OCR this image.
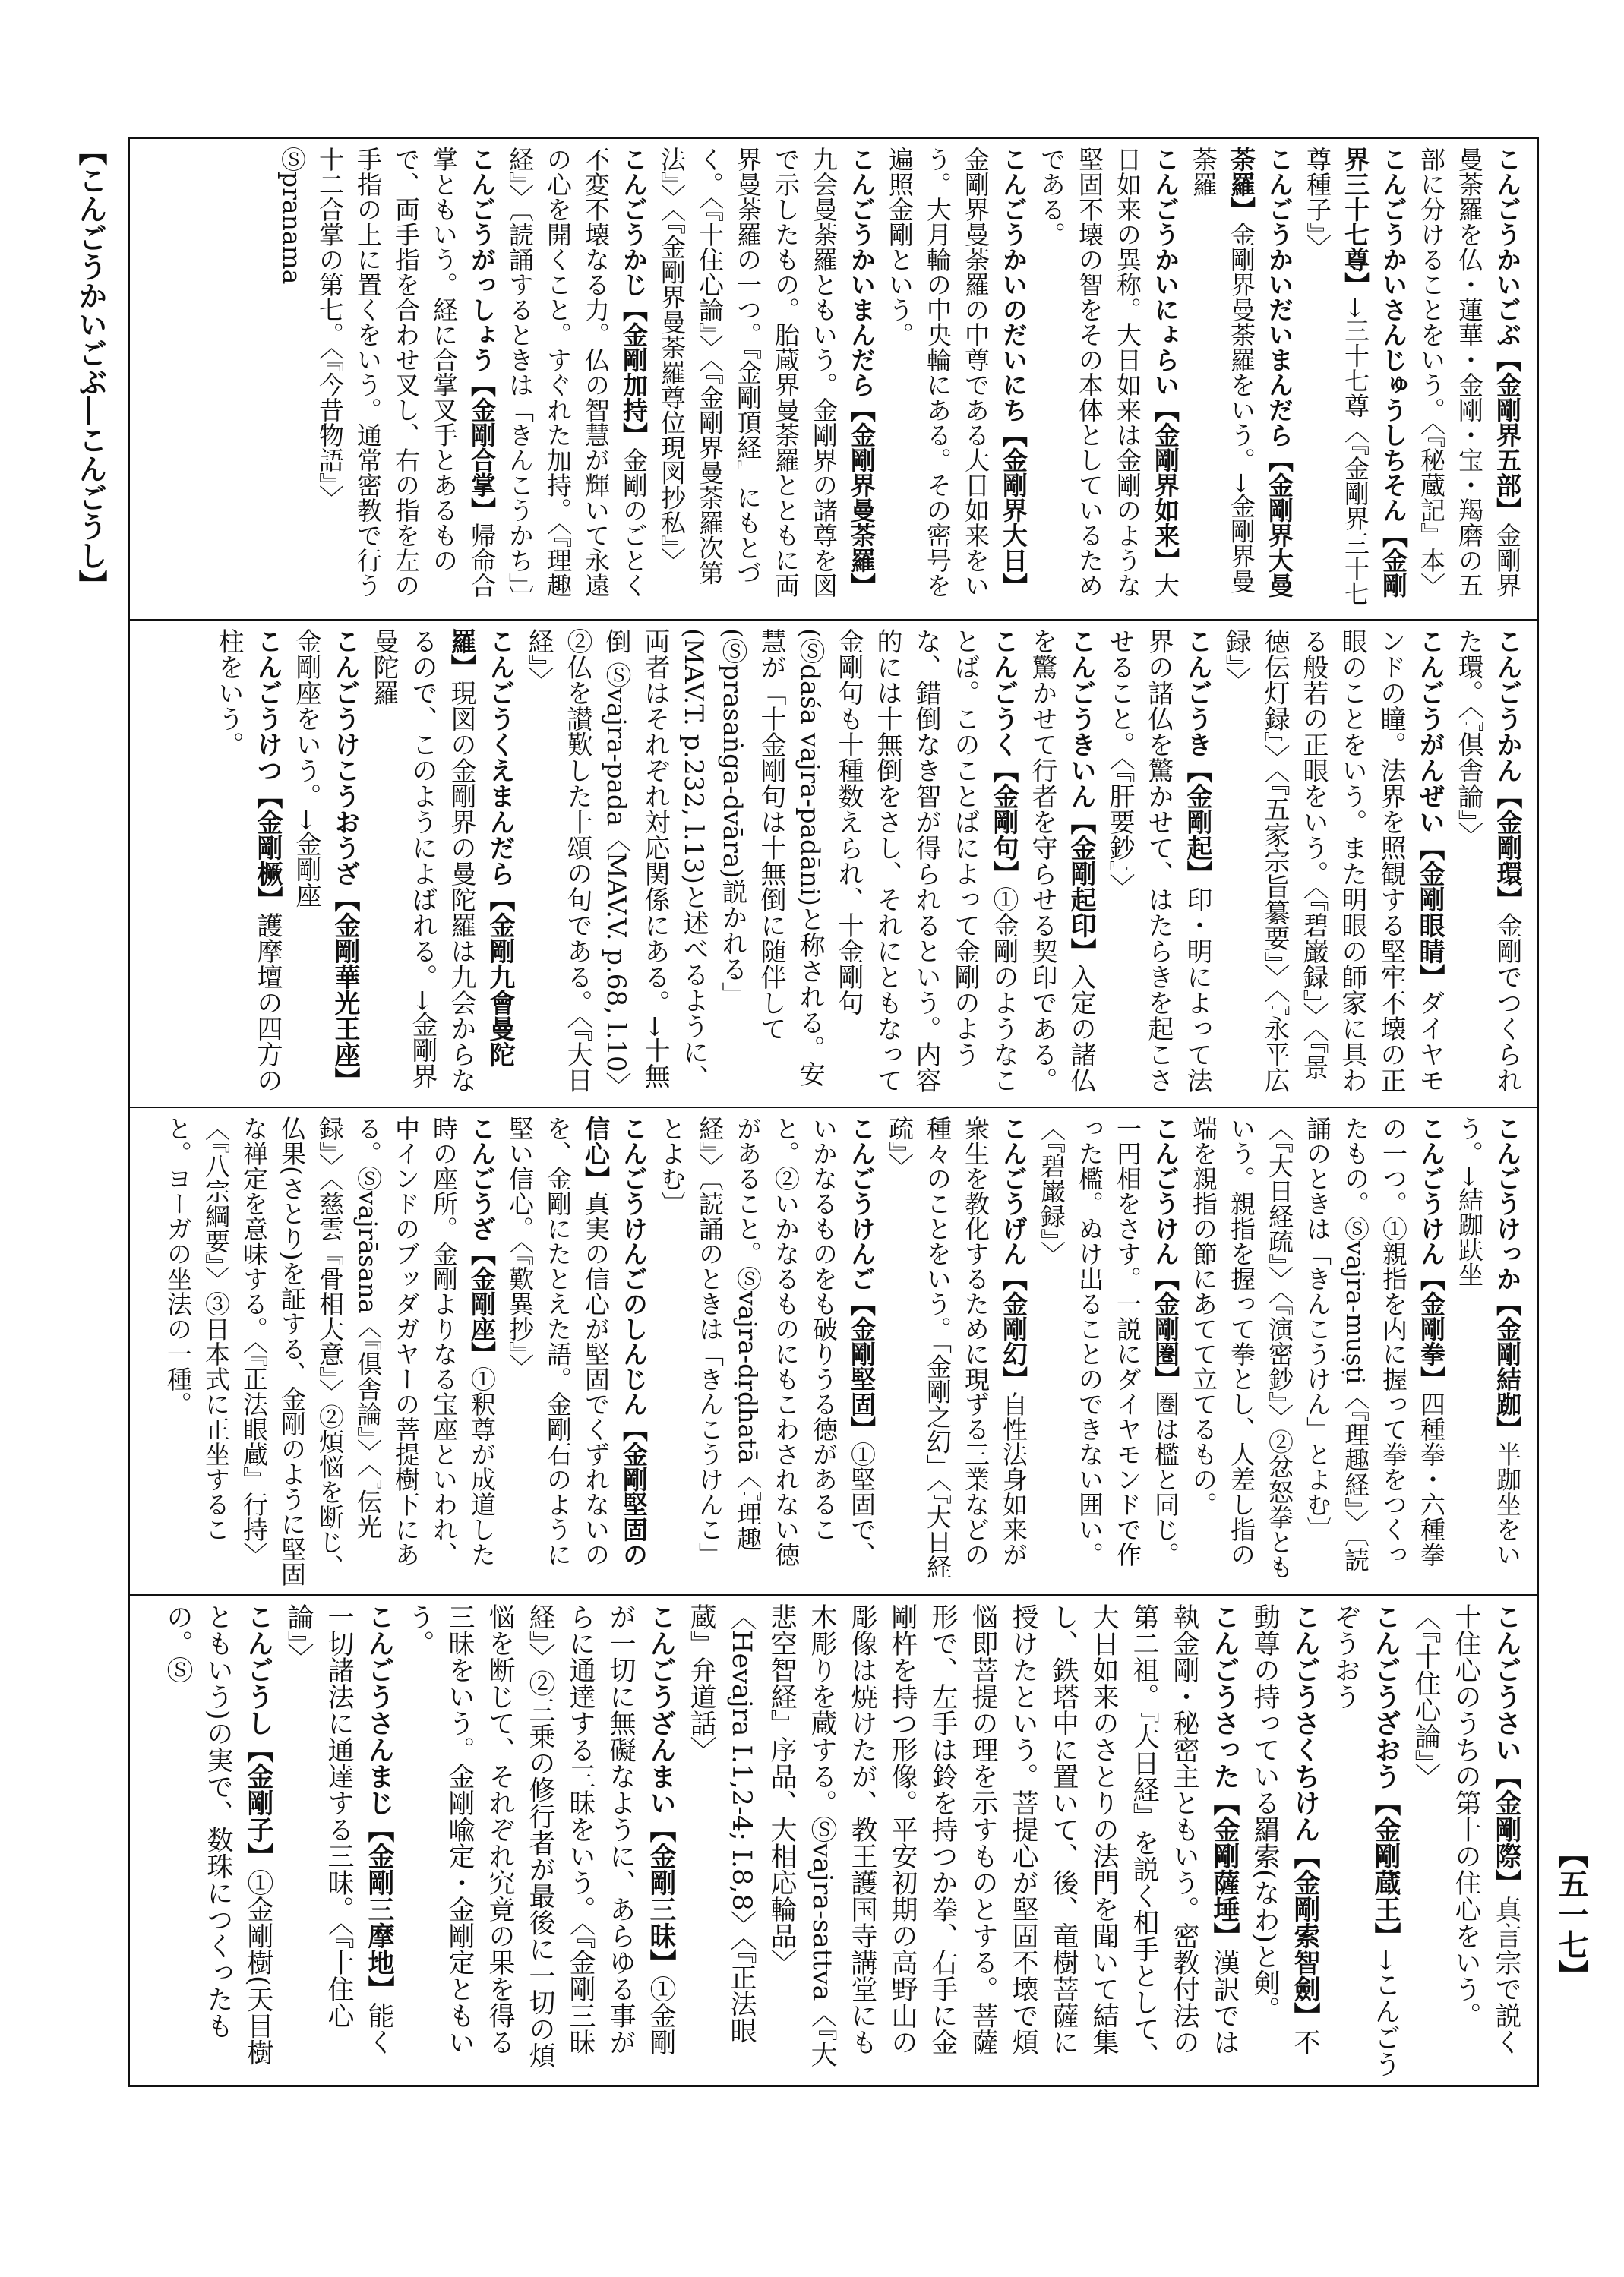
【こんごうかいごぶ―こんごうし】
【五一七】
こんごうかいごぶ【金剛界五部】金剛界曼荼羅を仏・蓮華・金剛・宝・羯磨の五部に分けることをいう。〈『秘蔵記』本〉
こんごうかいさんじゅうしちそん【金剛界三十七尊】→三十七尊〈『金剛界三十七尊種子』〉
こんごうかいだいまんだら【金剛界大曼荼羅】金剛界曼荼羅をいう。→金剛界曼荼羅
こんごうかいにょらい【金剛界如来】大日如来の異称。大日如来は金剛のような堅固不壊の智をその本体としているためである。
こんごうかいのだいにち【金剛界大日】金剛界曼荼羅の中尊である大日如来をいう。大月輪の中央輪にある。その密号を遍照金剛という。
こんごうかいまんだら【金剛界曼荼羅】九会曼荼羅ともいう。金剛界の諸尊を図で示したもの。胎蔵界曼荼羅とともに両界曼荼羅の一つ。『金剛頂経』にもとづく。〈『十住心論』〉〈『金剛界曼荼羅次第法』〉〈『金剛界曼荼羅尊位現図抄私』〉
こんごうかじ【金剛加持】金剛のごとく不変不壊なる力。仏の智慧が輝いて永遠の心を開くこと。すぐれた加持。〈『理趣経』〉〔読誦するときは「きんこうかち」〕
こんごうがっしょう【金剛合掌】帰命合掌ともいう。経に合掌叉手とあるもので、両手指を合わせ叉し、右の指を左の手指の上に置くをいう。通常密教で行う十二合掌の第七。〈『今昔物語』〉Ⓢpranama
こんごうかん【金剛環】金剛でつくられた環。〈『倶舎論』〉
こんごうがんぜい【金剛眼睛】ダイヤモンドの瞳。法界を照観する堅牢不壊の正眼のことをいう。また明眼の師家に具わる般若の正眼をいう。〈『碧巌録』〉〈『景徳伝灯録』〉〈『五家宗旨纂要』〉〈『永平広録』〉
こんごうき【金剛起】印・明によって法界の諸仏を驚かせて、はたらきを起こさせること。〈『肝要鈔』〉
こんごうきいん【金剛起印】入定の諸仏を驚かせて行者を守らせる契印である。
こんごうく【金剛句】①金剛のようなことば。このことばによって金剛のような、錯倒なき智が得られるという。内容的には十無倒をさし、それにともなって金剛句も十種数えられ、十金剛句(Ⓢdaśa vajra-padāni)と称される。安慧が「十金剛句は十無倒に随伴して(Ⓢprasaṅga-dvāra)説かれる」(MAV.T. p.232, l.13)と述べるように、両者はそれぞれ対応関係にある。→十無倒 Ⓢvajra-pada〈MAV.V. p.68, l.10〉②仏を讃歎した十頌の句である。〈『大日経』〉
こんごうくえまんだら【金剛九會曼陀羅】現図の金剛界の曼陀羅は九会からなるので、このようによばれる。→金剛界曼陀羅
こんごうけこうおうざ【金剛華光王座】金剛座をいう。→金剛座
こんごうけつ【金剛橛】護摩壇の四方の柱をいう。
こんごうけっか【金剛結跏】半跏坐をいう。→結跏趺坐
こんごうけん【金剛拳】四種拳・六種拳の一つ。①親指を内に握って拳をつくったもの。Ⓢvajra-muṣṭi〈『理趣経』〉〔読誦のときは「きんこうけん」とよむ〕〈『大日経疏』〉〈『演密鈔』〉②忿怒拳ともいう。親指を握って拳とし、人差し指の端を親指の節にあてて立てるもの。
こんごうけん【金剛圏】圏は檻と同じ。一円相をさす。一説にダイヤモンドで作った檻。ぬけ出ることのできない囲い。〈『碧巌録』〉
こんごうげん【金剛幻】自性法身如来が衆生を教化するために現ずる三業などの種々のことをいう。「金剛之幻」〈『大日経疏』〉
こんごうけんご【金剛堅固】①堅固で、いかなるものをも破りうる徳があること。②いかなるものにもこわされない徳があること。Ⓢvajra-dṛḍhatā〈『理趣経』〉〔読誦のときは「きんこうけんこ」とよむ〕
こんごうけんごのしんじん【金剛堅固の信心】真実の信心が堅固でくずれないのを、金剛にたとえた語。金剛石のように堅い信心。〈『歎異抄』〉
こんごうざ【金剛座】①釈尊が成道した時の座所。金剛よりなる宝座といわれ、中インドのブッダガヤーの菩提樹下にある。Ⓢvajrāsana〈『倶舎論』〉〈『伝光録』〉〈慈雲『骨相大意』〉②煩悩を断じ、仏果(さとり)を証する、金剛のように堅固な禅定を意味する。〈『正法眼蔵』行持〉〈『八宗綱要』〉③日本式に正坐すること。ヨーガの坐法の一種。
こんごうさい【金剛際】真言宗で説く十住心のうちの第十の住心をいう。〈『十住心論』〉
こんごうざおう【金剛蔵王】→こんごうぞうおう
こんごうさくちけん【金剛索智劍】不動尊の持っている羂索(なわ)と剣。
こんごうさった【金剛薩埵】漢訳では執金剛・秘密主ともいう。密教付法の第二祖。『大日経』を説く相手として、大日如来のさとりの法門を聞いて結集し、鉄塔中に置いて、後、竜樹菩薩に授けたという。菩提心が堅固不壊で煩悩即菩提の理を示すものとする。菩薩形で、左手は鈴を持つか拳、右手に金剛杵を持つ形像。平安初期の高野山の彫像は焼けたが、教王護国寺講堂にも木彫りを蔵する。Ⓢvajra-sattva〈『大悲空智経』序品、大相応輪品〉〈Hevajra I.1,2-4; I.8,8〉〈『正法眼蔵』弁道話〉
こんごうざんまい【金剛三昧】①金剛が一切に無礙なように、あらゆる事がらに通達する三昧をいう。〈『金剛三昧経』〉②三乗の修行者が最後に一切の煩悩を断じて、それぞれ究竟の果を得る三昧をいう。金剛喩定・金剛定ともいう。
こんごうさんまじ【金剛三摩地】能く一切諸法に通達する三昧。〈『十住心論』〉
こんごうし【金剛子】①金剛樹(天目樹ともいう)の実で、数珠につくったもの。Ⓢ
